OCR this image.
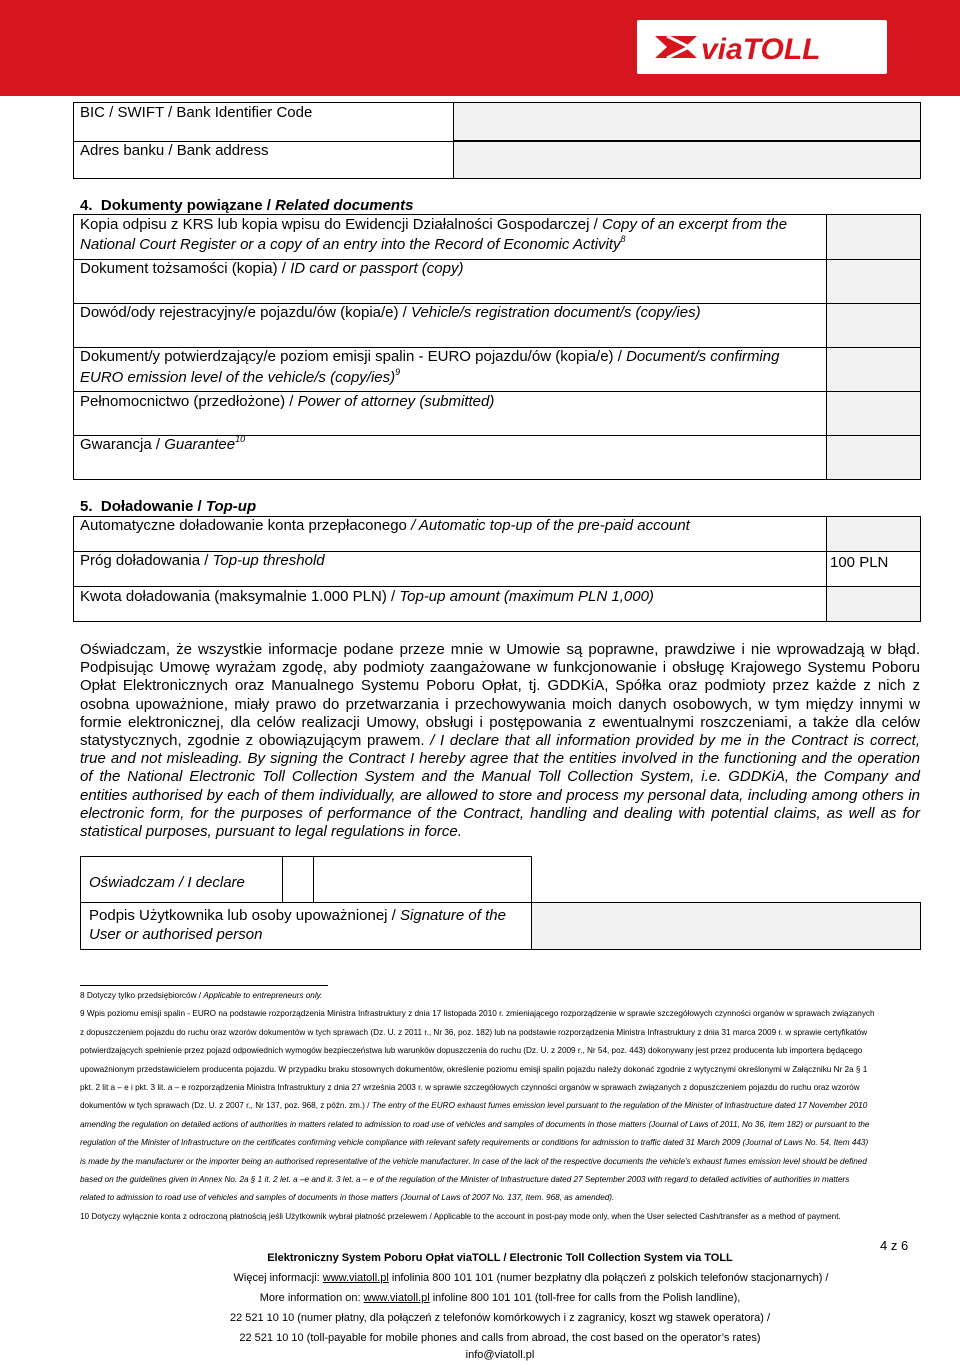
viaTOLL
BIC / SWIFT / Bank Identifier Code
Adres banku / Bank address
4. Dokumenty powiązane / Related documents
Kopia odpisu z KRS lub kopia wpisu do Ewidencji Działalności Gospodarczej / Copy of an excerpt from the
National Court Register or a copy of an entry into the Record of Economic Activity$^8$
Dokument tożsamości (kopia) / ID card or passport (copy)
Dowód/ody rejestracyjny/e pojazdu/ów (kopia/e) / Vehicle/s registration document/s (copy/ies)
Dokument/y potwierdzający/e poziom emisji spalin - EURO pojazdu/ów (kopia/e) / Document/s confirming
EURO emission level of the vehicle/s (copy/ies)$^9$
Pełnomocnictwo (przedłożone) / Power of attorney (submitted)
Gwarancja / Guarantee$^{10}$
5. Doładowanie / Top-up
100 PLN
Automatyczne doładowanie konta przepłaconego / Automatic top-up of the pre-paid account
Próg doładowania / Top-up threshold
Kwota doładowania (maksymalnie 1.000 PLN) / Top-up amount (maximum PLN 1,000)
Oświadczam, że wszystkie informacje podane przeze mnie w Umowie są poprawne, prawdziwe i nie wprowadzają w błąd. Podpisując Umowę wyrażam zgodę, aby podmioty zaangażowane w funkcjonowanie i obsługę Krajowego Systemu Poboru Opłat Elektronicznych oraz Manualnego Systemu Poboru Opłat, tj. GDDKiA, Spółka oraz podmioty przez każde z nich z osobna upoważnione, miały prawo do przetwarzania i przechowywania moich danych osobowych, w tym między innymi w formie elektronicznej, dla celów realizacji Umowy, obsługi i postępowania z ewentualnymi roszczeniami, a także dla celów statystycznych, zgodnie z obowiązującym prawem. / I declare that all information provided by me in the Contract is correct, true and not misleading. By signing the Contract I hereby agree that the entities involved in the functioning and the operation of the National Electronic Toll Collection System and the Manual Toll Collection System, i.e. GDDKiA, the Company and entities authorised by each of them individually, are allowed to store and process my personal data, including among others in electronic form, for the purposes of performance of the Contract, handling and dealing with potential claims, as well as for statistical purposes, pursuant to legal regulations in force.
Oświadczam / I declare
Podpis Użytkownika lub osoby upoważnionej / Signature of the
User or authorised person
8 Dotyczy tylko przedsiębiorców / Applicable to entrepreneurs only.
9 Wpis poziomu emisji spalin - EURO na podstawie rozporządzenia Ministra Infrastruktury z dnia 17 listopada 2010 r. zmieniającego rozporządzenie w sprawie szczegółowych czynności organów w sprawach związanych
z dopuszczeniem pojazdu do ruchu oraz wzorów dokumentów w tych sprawach (Dz. U. z 2011 r., Nr 36, poz. 182) lub na podstawie rozporządzenia Ministra Infrastruktury z dnia 31 marca 2009 r. w sprawie certyfikatów
potwierdzających spełnienie przez pojazd odpowiednich wymogów bezpieczeństwa lub warunków dopuszczenia do ruchu (Dz. U. z 2009 r., Nr 54, poz. 443) dokonywany jest przez producenta lub importera będącego
upoważnionym przedstawicielem producenta pojazdu. W przypadku braku stosownych dokumentów, określenie poziomu emisji spalin pojazdu należy dokonać zgodnie z wytycznymi określonymi w Załączniku Nr 2a § 1
pkt. 2 lit a – e i pkt. 3 lit. a – e rozporządzenia Ministra Infrastruktury z dnia 27 września 2003 r. w sprawie szczegółowych czynności organów w sprawach związanych z dopuszczeniem pojazdu do ruchu oraz wzorów
dokumentów w tych sprawach (Dz. U. z 2007 r., Nr 137, poz. 968, z późn. zm.) / The entry of the EURO exhaust fumes emission level pursuant to the regulation of the Minister of Infrastructure dated 17 November 2010
amending the regulation on detailed actions of authorities in matters related to admission to road use of vehicles and samples of documents in those matters (Journal of Laws of 2011, No 36, Item 182) or pursuant to the
regulation of the Minister of Infrastructure on the certificates confirming vehicle compliance with relevant safety requirements or conditions for admission to traffic dated 31 March 2009 (Journal of Laws No. 54, Item 443)
is made by the manufacturer or the importer being an authorised representative of the vehicle manufacturer. In case of the lack of the respective documents the vehicle’s exhaust fumes emission level should be defined
based on the guidelines given in Annex No. 2a § 1 it. 2 let. a –e and it. 3 let. a – e of the regulation of the Minister of Infrastructure dated 27 September 2003 with regard to detailed activities of authorities in matters
related to admission to road use of vehicles and samples of documents in those matters (Journal of Laws of 2007 No. 137, Item. 968, as amended).
10 Dotyczy wyłącznie konta z odroczoną płatnością jeśli Użytkownik wybrał płatność przelewem / Applicable to the account in post-pay mode only, when the User selected Cash/transfer as a method of payment.
4 z 6
Elektroniczny System Poboru Opłat viaTOLL / Electronic Toll Collection System via TOLL
Więcej informacji: www.viatoll.pl infolinia 800 101 101 (numer bezpłatny dla połączeń z polskich telefonów stacjonarnych) /
More information on: www.viatoll.pl infoline 800 101 101 (toll-free for calls from the Polish landline),
22 521 10 10 (numer płatny, dla połączeń z telefonów komórkowych i z zagranicy, koszt wg stawek operatora) /
22 521 10 10 (toll-payable for mobile phones and calls from abroad, the cost based on the operator’s rates)
info@viatoll.pl
